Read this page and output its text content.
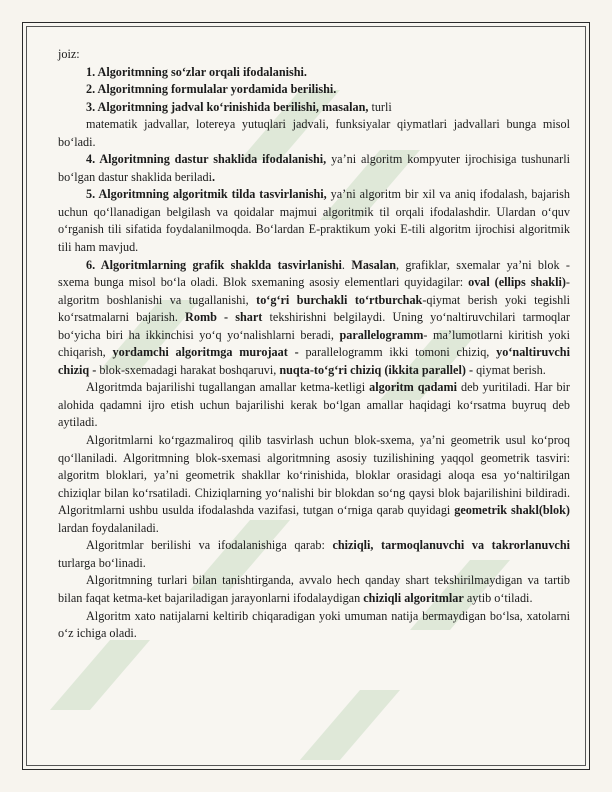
joiz:

1. Algoritmning so‘zlar orqali ifodalanishi.

2. Algoritmning formulalar yordamida berilishi.

3. Algoritmning jadval ko‘rinishida berilishi, masalan, turli

matematik jadvallar, lotereya yutuqlari jadvali, funksiyalar qiymatlari jadvallari bunga misol bo‘ladi.

4. Algoritmning dastur shaklida ifodalanishi, ya’ni algoritm kompyuter ijrochisiga tushunarli bo‘lgan dastur shaklida beriladi.

5. Algoritmning algoritmik tilda tasvirlanishi, ya’ni algoritm bir xil va aniq ifodalash, bajarish uchun qo‘llanadigan belgilash va qoidalar majmui algoritmik til orqali ifodalashdir. Ulardan o‘quv o‘rganish tili sifatida foydalanilmoqda. Bo‘lardan E-praktikum yoki E-tili algoritm ijrochisi algoritmik tili ham mavjud.

6. Algoritmlarning grafik shaklda tasvirlanishi. Masalan, grafiklar, sxemalar ya’ni blok - sxema bunga misol bo‘la oladi. Blok sxemaning asosiy elementlari quyidagilar: oval (ellips shakli)-algoritm boshlanishi va tugallanishi, to‘g‘ri burchakli to‘rtburchak-qiymat berish yoki tegishli ko‘rsatmalarni bajarish. Romb - shart tekshirishni belgilaydi. Uning yo‘naltiruvchilari tarmoqlar bo‘yicha biri ha ikkinchisi yo‘q yo‘nalishlarni beradi, parallelogramm- ma’lumotlarni kiritish yoki chiqarish, yordamchi algoritmga murojaat - parallelogramm ikki tomoni chiziq, yo‘naltiruvchi chiziq - blok-sxemadagi harakat boshqaruvi, nuqta-to‘g‘ri chiziq (ikkita parallel) - qiymat berish.

Algoritmda bajarilishi tugallangan amallar ketma-ketligi algoritm qadami deb yuritiladi. Har bir alohida qadamni ijro etish uchun bajarilishi kerak bo‘lgan amallar haqidagi ko‘rsatma buyruq deb aytiladi.

Algoritmlarni ko‘rgazmaliroq qilib tasvirlash uchun blok-sxema, ya’ni geometrik usul ko‘proq qo‘llaniladi. Algoritmning blok-sxemasi algoritmning asosiy tuzilishining yaqqol geometrik tasviri: algoritm bloklari, ya’ni geometrik shakllar ko‘rinishida, bloklar orasidagi aloqa esa yo‘naltirilgan chiziqlar bilan ko‘rsatiladi. Chiziqlarning yo‘nalishi bir blokdan so‘ng qaysi blok bajarilishini bildiradi. Algoritmlarni ushbu usulda ifodalashda vazifasi, tutgan o‘rniga qarab quyidagi geometrik shakl(blok) lardan foydalaniladi.

Algoritmlar berilishi va ifodalanishiga qarab: chiziqli, tarmoqlanuvchi va takrorlanuvchi turlarga bo‘linadi.

Algoritmning turlari bilan tanishtirganda, avvalo hech qanday shart tekshirilmaydigan va tartib bilan faqat ketma-ket bajariladigan jarayonlarni ifodalaydigan chiziqli algoritmlar aytib o‘tiladi.

Algoritm xato natijalarni keltirib chiqaradigan yoki umuman natija bermaydigan bo‘lsa, xatolarni o‘z ichiga oladi.
